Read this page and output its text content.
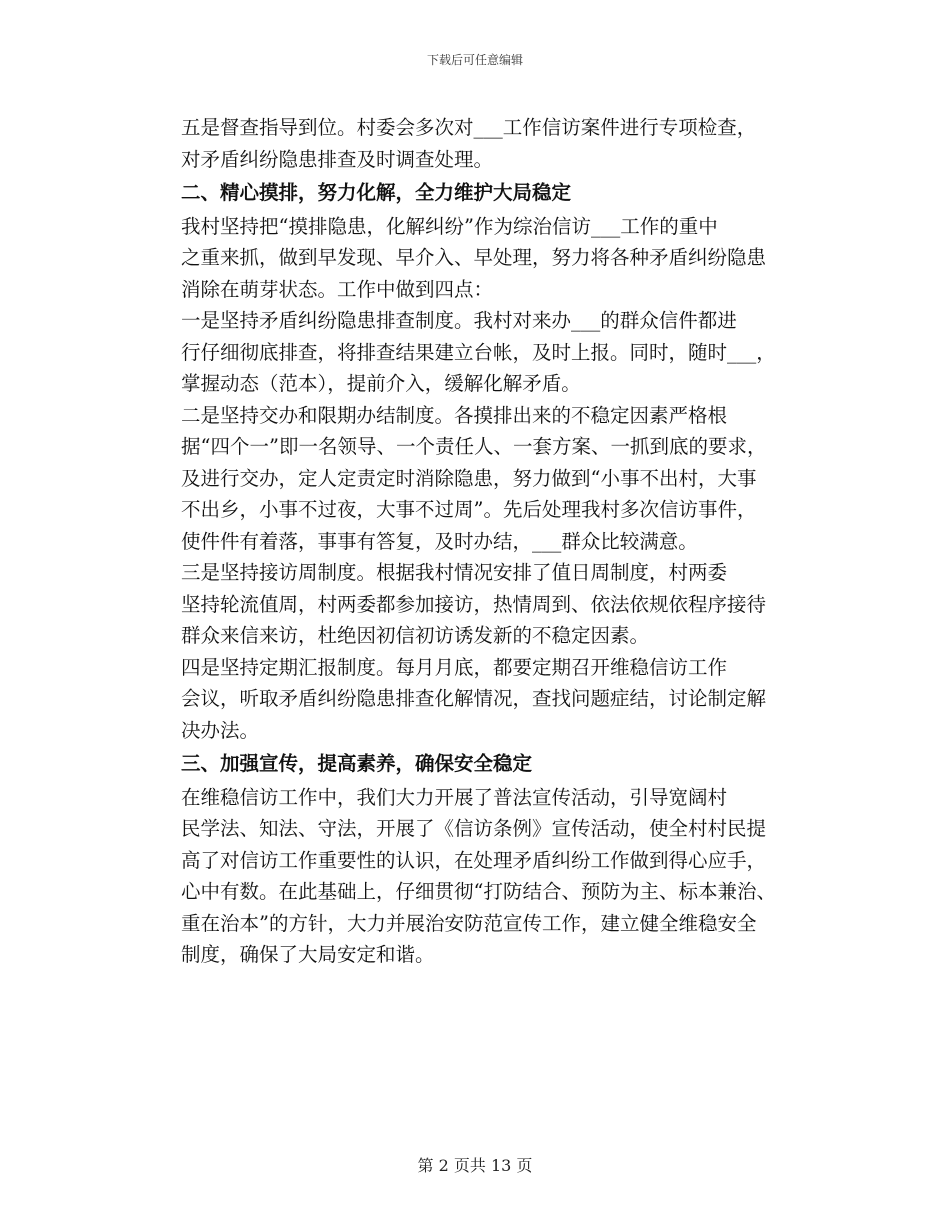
下载后可任意编辑
五是督查指导到位。村委会多次对___工作信访案件进行专项检查，
对矛盾纠纷隐患排查及时调查处理。
二、精心摸排，努力化解，全力维护大局稳定
我村坚持把“摸排隐患，化解纠纷”作为综治信访___工作的重中
之重来抓，做到早发现、早介入、早处理，努力将各种矛盾纠纷隐患
消除在萌芽状态。工作中做到四点：
一是坚持矛盾纠纷隐患排查制度。我村对来办___的群众信件都进
行仔细彻底排查，将排查结果建立台帐，及时上报。同时，随时___，
掌握动态（范本），提前介入，缓解化解矛盾。
二是坚持交办和限期办结制度。各摸排出来的不稳定因素严格根
据“四个一”即一名领导、一个责任人、一套方案、一抓到底的要求，
及进行交办，定人定责定时消除隐患，努力做到“小事不出村，大事
不出乡，小事不过夜，大事不过周”。先后处理我村多次信访事件，
使件件有着落，事事有答复，及时办结，___群众比较满意。
三是坚持接访周制度。根据我村情况安排了值日周制度，村两委
坚持轮流值周，村两委都参加接访，热情周到、依法依规依程序接待
群众来信来访，杜绝因初信初访诱发新的不稳定因素。
四是坚持定期汇报制度。每月月底，都要定期召开维稳信访工作
会议，听取矛盾纠纷隐患排查化解情况，查找问题症结，讨论制定解
决办法。
三、加强宣传，提高素养，确保安全稳定
在维稳信访工作中，我们大力开展了普法宣传活动，引导宽阔村
民学法、知法、守法，开展了《信访条例》宣传活动，使全村村民提
高了对信访工作重要性的认识，在处理矛盾纠纷工作做到得心应手，
心中有数。在此基础上，仔细贯彻“打防结合、预防为主、标本兼治、
重在治本”的方针，大力并展治安防范宣传工作，建立健全维稳安全
制度，确保了大局安定和谐。
第 2 页共 13 页
